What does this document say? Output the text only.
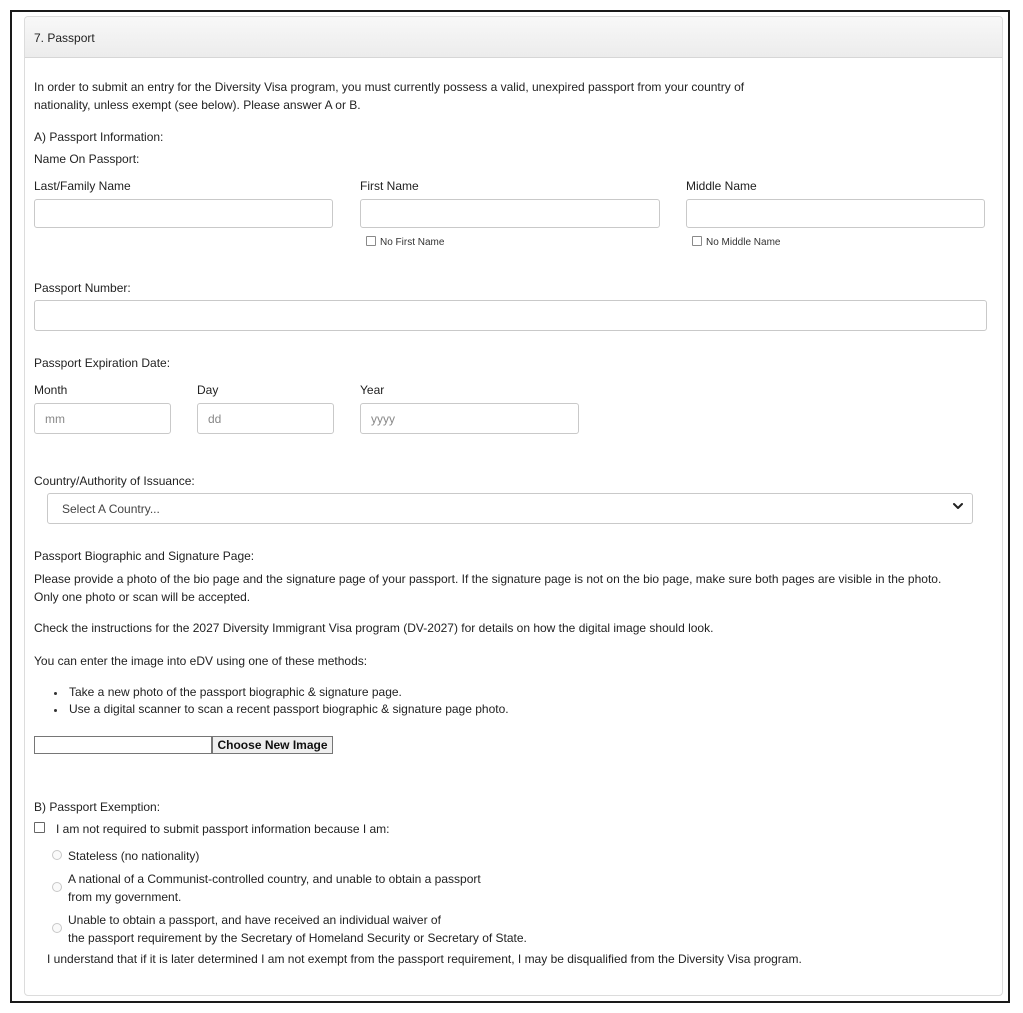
7. Passport
In order to submit an entry for the Diversity Visa program, you must currently possess a valid, unexpired passport from your country of
nationality, unless exempt (see below). Please answer A or B.
A) Passport Information:
Name On Passport:
Last/Family Name	First Name	Middle Name
No First Name	No Middle Name
Passport Number:
Passport Expiration Date:
Month	Day	Year
mm
dd
yyyy
Country/Authority of Issuance:
Select A Country...
Passport Biographic and Signature Page:
Please provide a photo of the bio page and the signature page of your passport. If the signature page is not on the bio page, make sure both pages are visible in the photo.
Only one photo or scan will be accepted.
Check the instructions for the 2027 Diversity Immigrant Visa program (DV-2027) for details on how the digital image should look.
You can enter the image into eDV using one of these methods:
Take a new photo of the passport biographic & signature page.
Use a digital scanner to scan a recent passport biographic & signature page photo.
Choose New Image
B) Passport Exemption:
I am not required to submit passport information because I am:
Stateless (no nationality)
A national of a Communist-controlled country, and unable to obtain a passport
from my government.
Unable to obtain a passport, and have received an individual waiver of
the passport requirement by the Secretary of Homeland Security or Secretary of State.
I understand that if it is later determined I am not exempt from the passport requirement, I may be disqualified from the Diversity Visa program.
